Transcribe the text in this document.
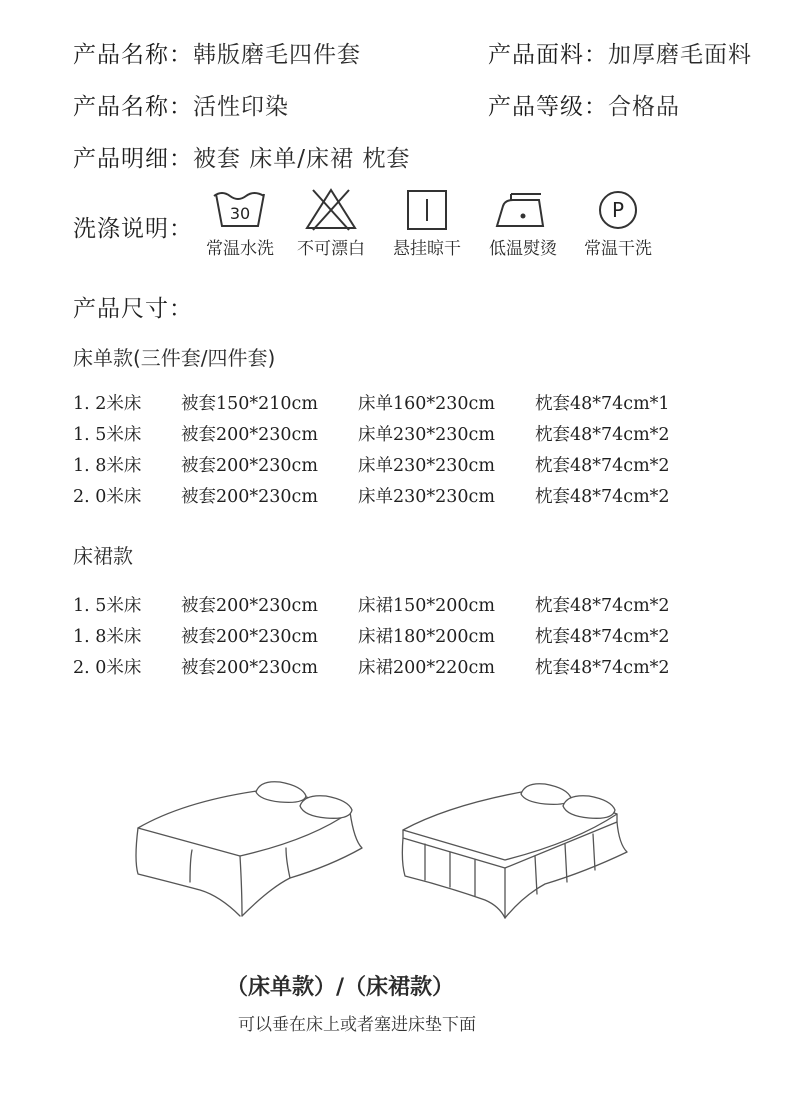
产品名称：韩版磨毛四件套	产品面料：加厚磨毛面料
产品名称：活性印染	产品等级：合格品
产品明细：被套 床单/床裙 枕套
洗涤说明：
30
常温水洗	不可漂白	悬挂晾干	低温熨烫
P
常温干洗
产品尺寸：
床单款(三件套/四件套)
1. 2米床 被套150*210cm 床单160*230cm 枕套48*74cm*1
1. 5米床 被套200*230cm 床单230*230cm 枕套48*74cm*2
1. 8米床 被套200*230cm 床单230*230cm 枕套48*74cm*2
2. 0米床 被套200*230cm 床单230*230cm 枕套48*74cm*2
床裙款
1. 5米床 被套200*230cm 床裙150*200cm 枕套48*74cm*2
1. 8米床 被套200*230cm 床裙180*200cm 枕套48*74cm*2
2. 0米床 被套200*230cm 床裙200*220cm 枕套48*74cm*2
（床单款）/（床裙款）
可以垂在床上或者塞进床垫下面
